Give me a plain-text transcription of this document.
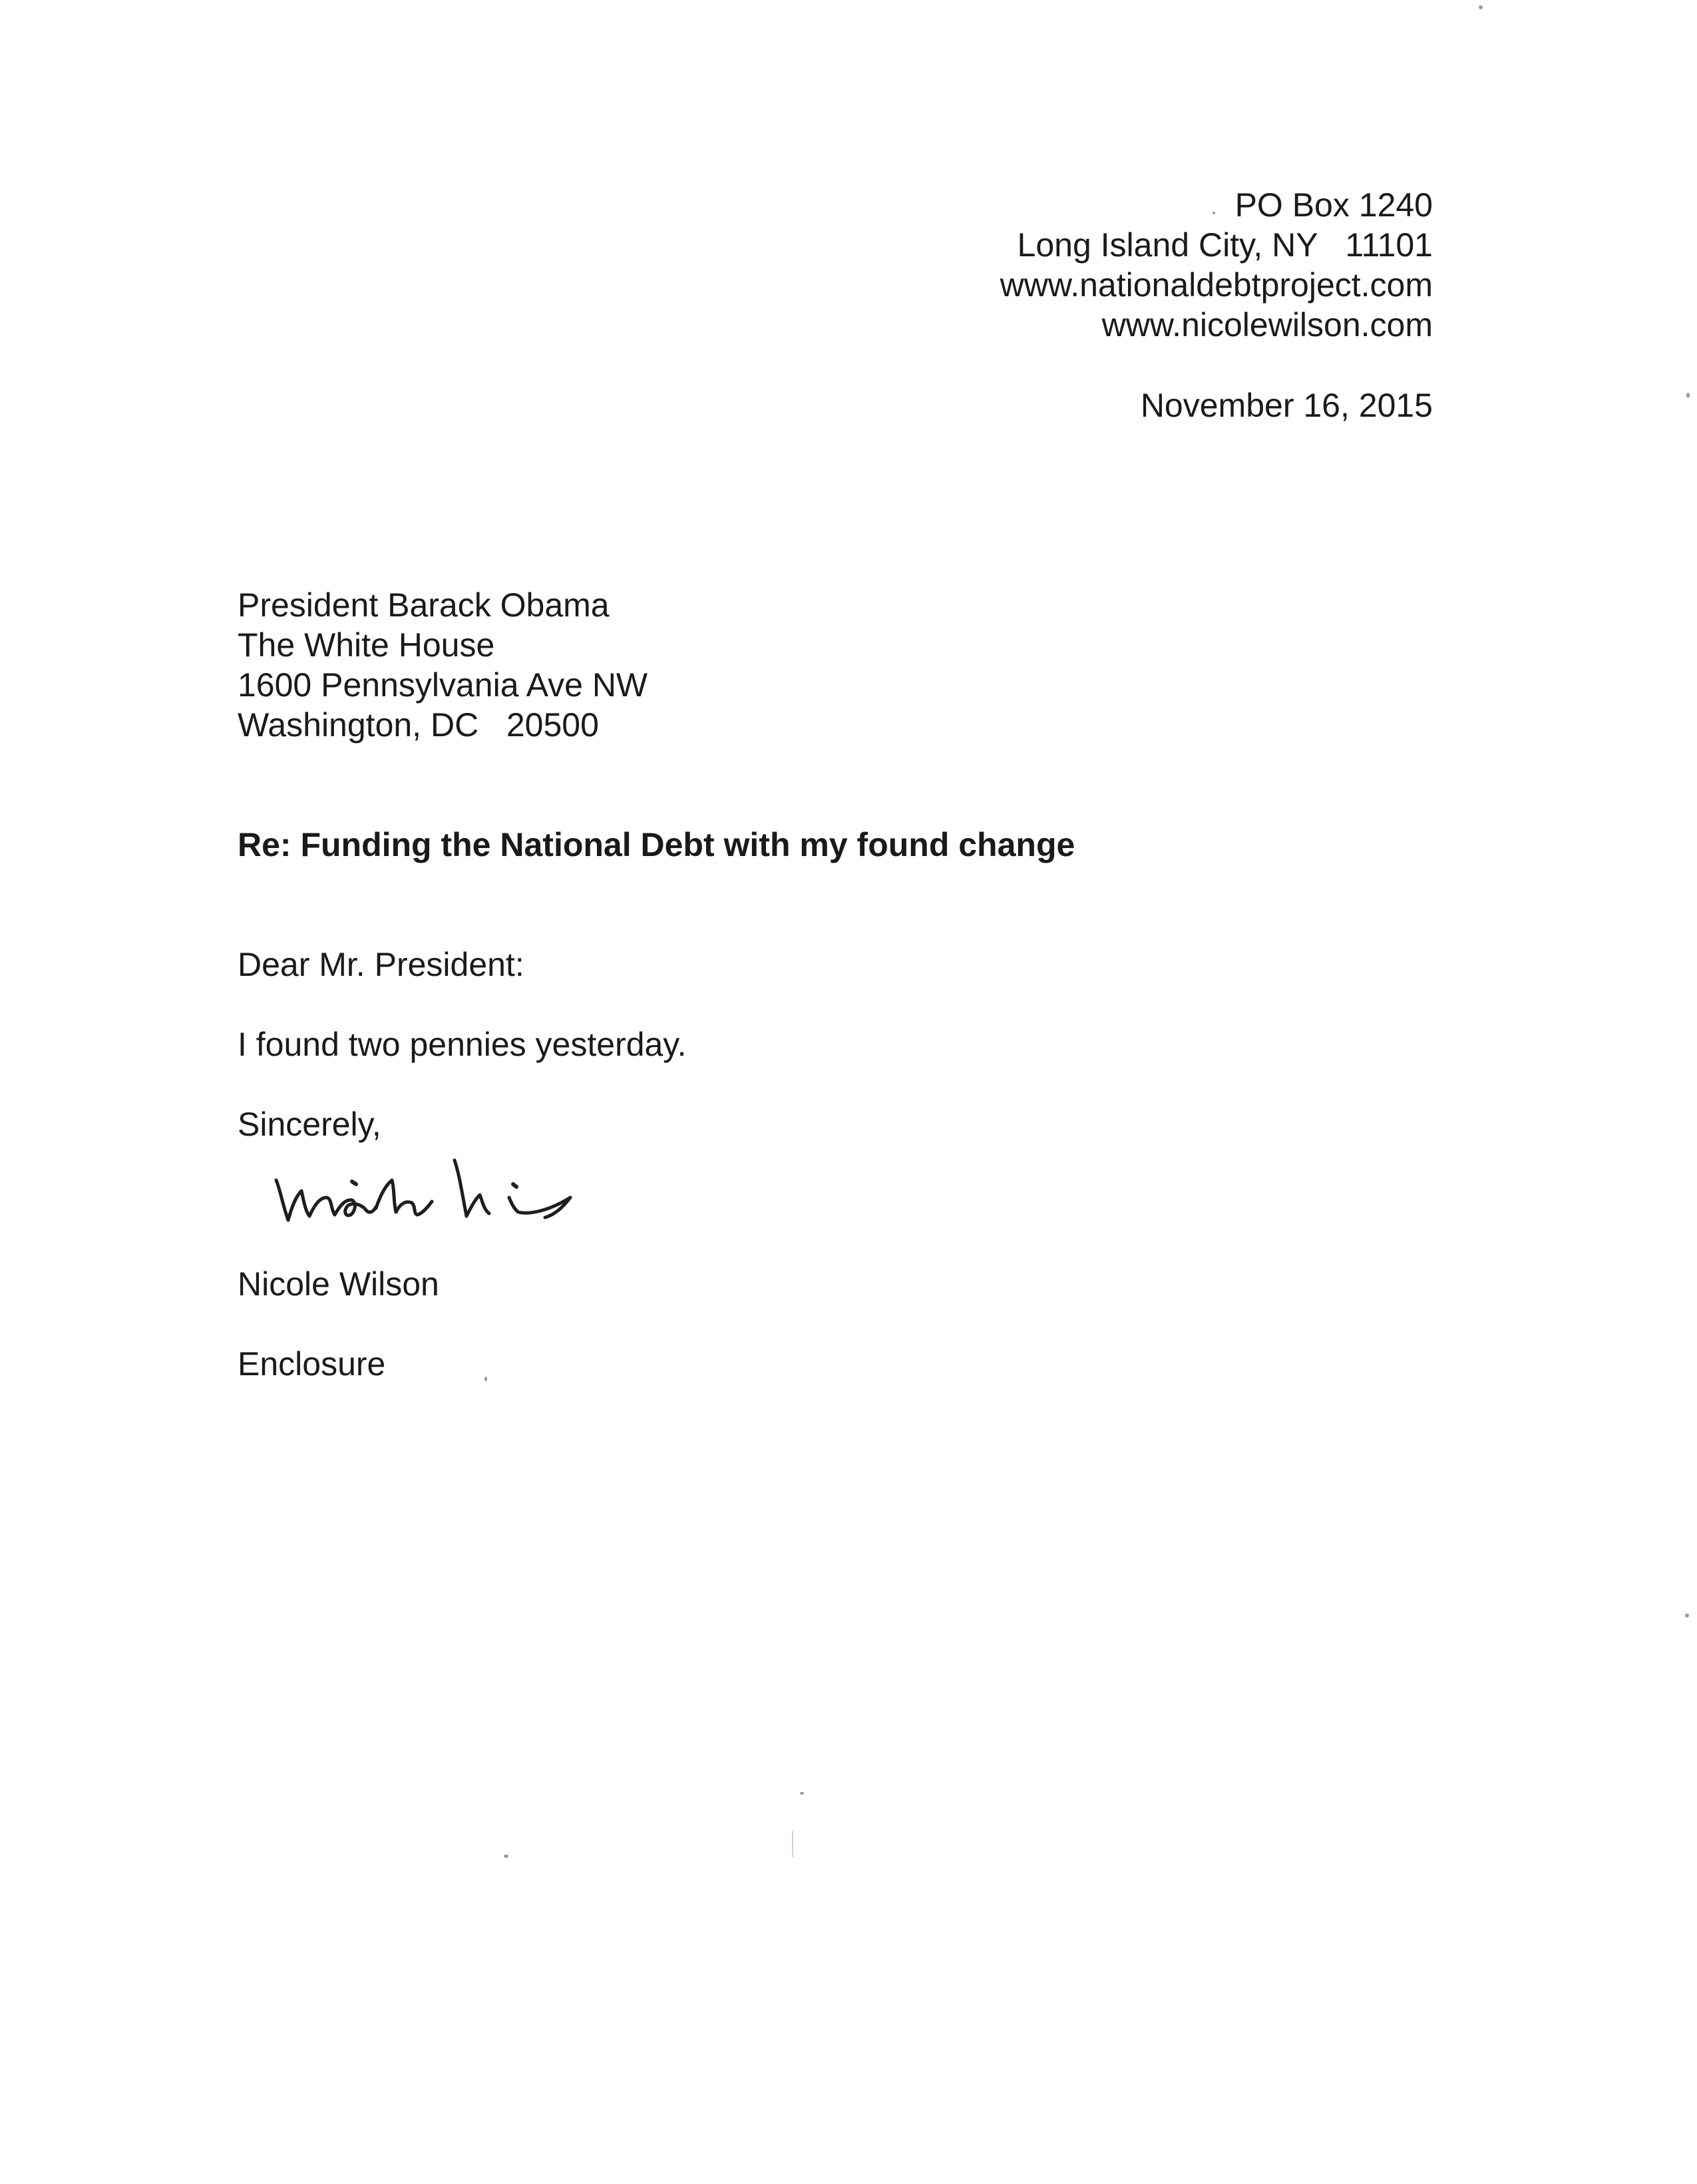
PO Box 1240

Long Island City, NY   11101

www.nationaldebtproject.com

www.nicolewilson.com

November 16, 2015

President Barack Obama

The White House

1600 Pennsylvania Ave NW

Washington, DC   20500

Re: Funding the National Debt with my found change

Dear Mr. President:

I found two pennies yesterday.

Sincerely,

Nicole Wilson

Enclosure
